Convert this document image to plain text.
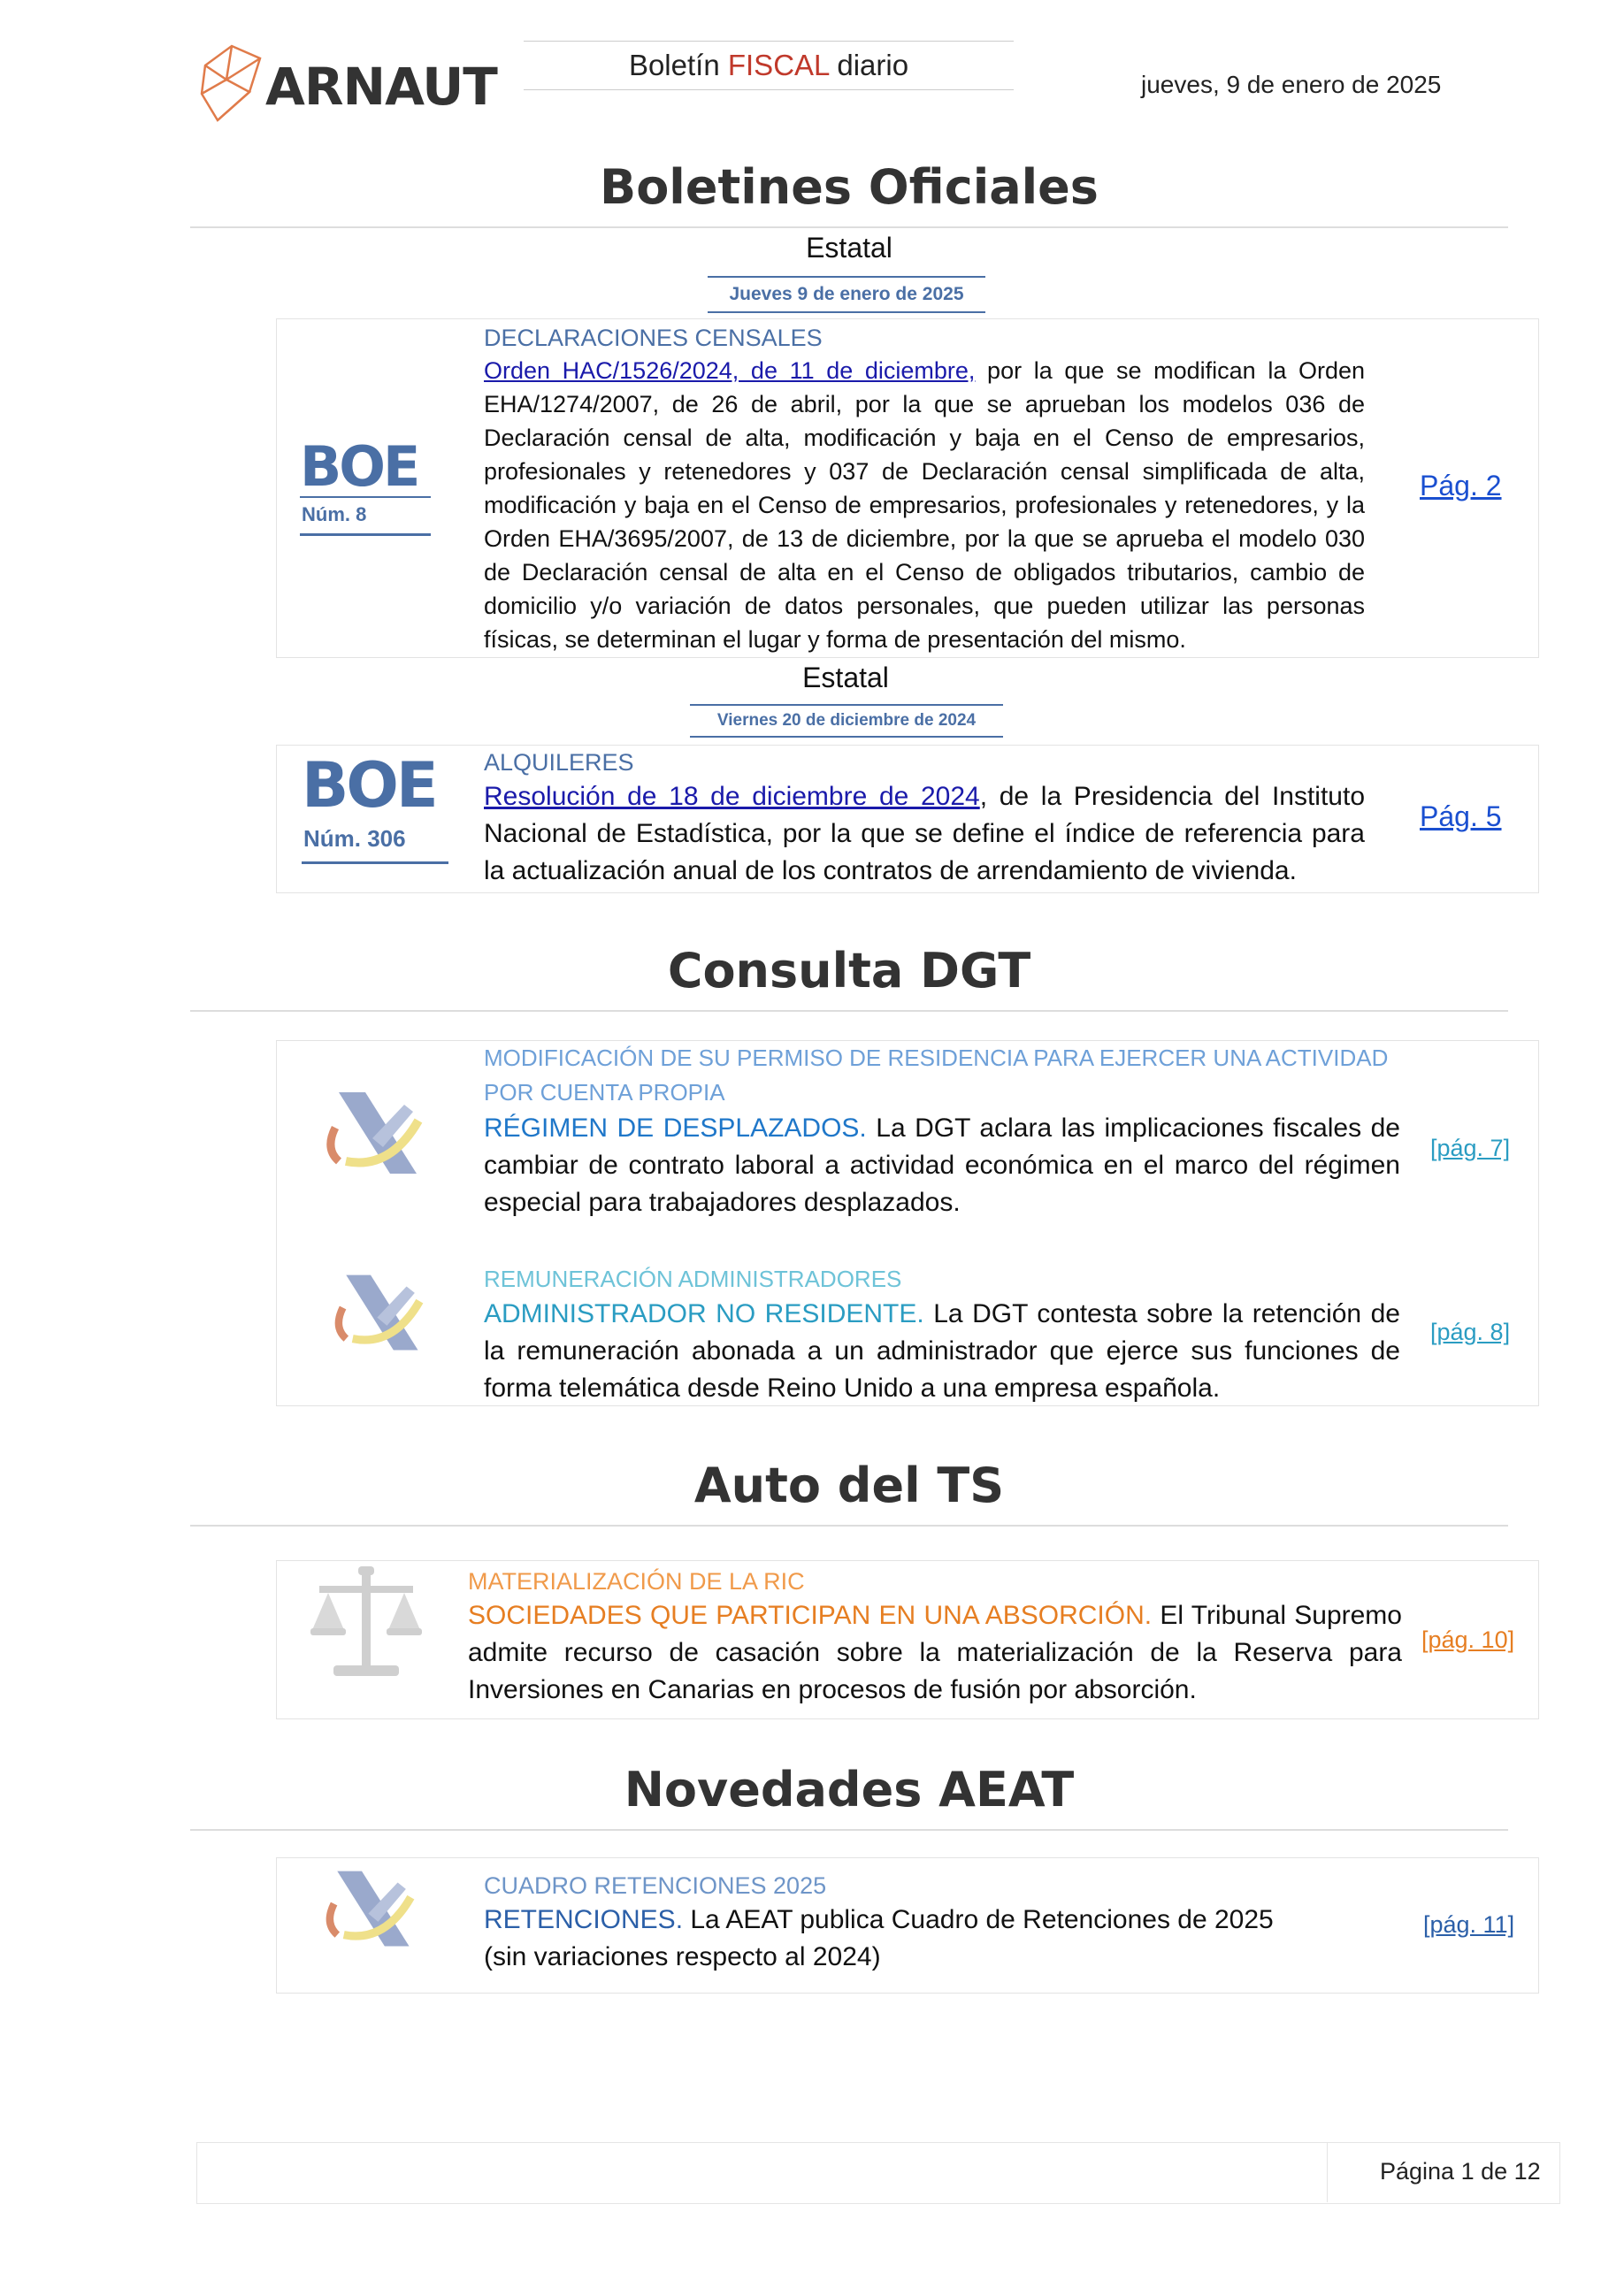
ARNAUT	Boletín FISCAL diario
jueves, 9 de enero de 2025
Boletines Oficiales
Estatal
Jueves 9 de enero de 2025
BOE
Núm. 8
DECLARACIONES CENSALES
Orden HAC/1526/2024, de 11 de diciembre, por la que se modifican la Orden EHA/1274/2007, de 26 de abril, por la que se aprueban los modelos 036 de Declaración censal de alta, modificación y baja en el Censo de empresarios, profesionales y retenedores y 037 de Declaración censal simplificada de alta, modificación y baja en el Censo de empresarios, profesionales y retenedores, y la Orden EHA/3695/2007, de 13 de diciembre, por la que se aprueba el modelo 030 de Declaración censal de alta en el Censo de obligados tributarios, cambio de domicilio y/o variación de datos personales, que pueden utilizar las personas físicas, se determinan el lugar y forma de presentación del mismo.
Pág. 2
Estatal
Viernes 20 de diciembre de 2024
BOE
Núm. 306
ALQUILERES
Resolución de 18 de diciembre de 2024, de la Presidencia del Instituto Nacional de Estadística, por la que se define el índice de referencia para la actualización anual de los contratos de arrendamiento de vivienda.
Pág. 5
Consulta DGT
MODIFICACIÓN DE SU PERMISO DE RESIDENCIA PARA EJERCER UNA ACTIVIDAD POR CUENTA PROPIA
RÉGIMEN DE DESPLAZADOS. La DGT aclara las implicaciones fiscales de cambiar de contrato laboral a actividad económica en el marco del régimen especial para trabajadores desplazados.
[pág. 7]
REMUNERACIÓN ADMINISTRADORES
ADMINISTRADOR NO RESIDENTE. La DGT contesta sobre la retención de la remuneración abonada a un administrador que ejerce sus funciones de forma telemática desde Reino Unido a una empresa española.
[pág. 8]
Auto del TS
MATERIALIZACIÓN DE LA RIC
SOCIEDADES QUE PARTICIPAN EN UNA ABSORCIÓN. El Tribunal Supremo admite recurso de casación sobre la materialización de la Reserva para Inversiones en Canarias en procesos de fusión por absorción.
[pág. 10]
Novedades AEAT
CUADRO RETENCIONES 2025
RETENCIONES. La AEAT publica Cuadro de Retenciones de 2025
(sin variaciones respecto al 2024)
[pág. 11]
Página 1 de 12
